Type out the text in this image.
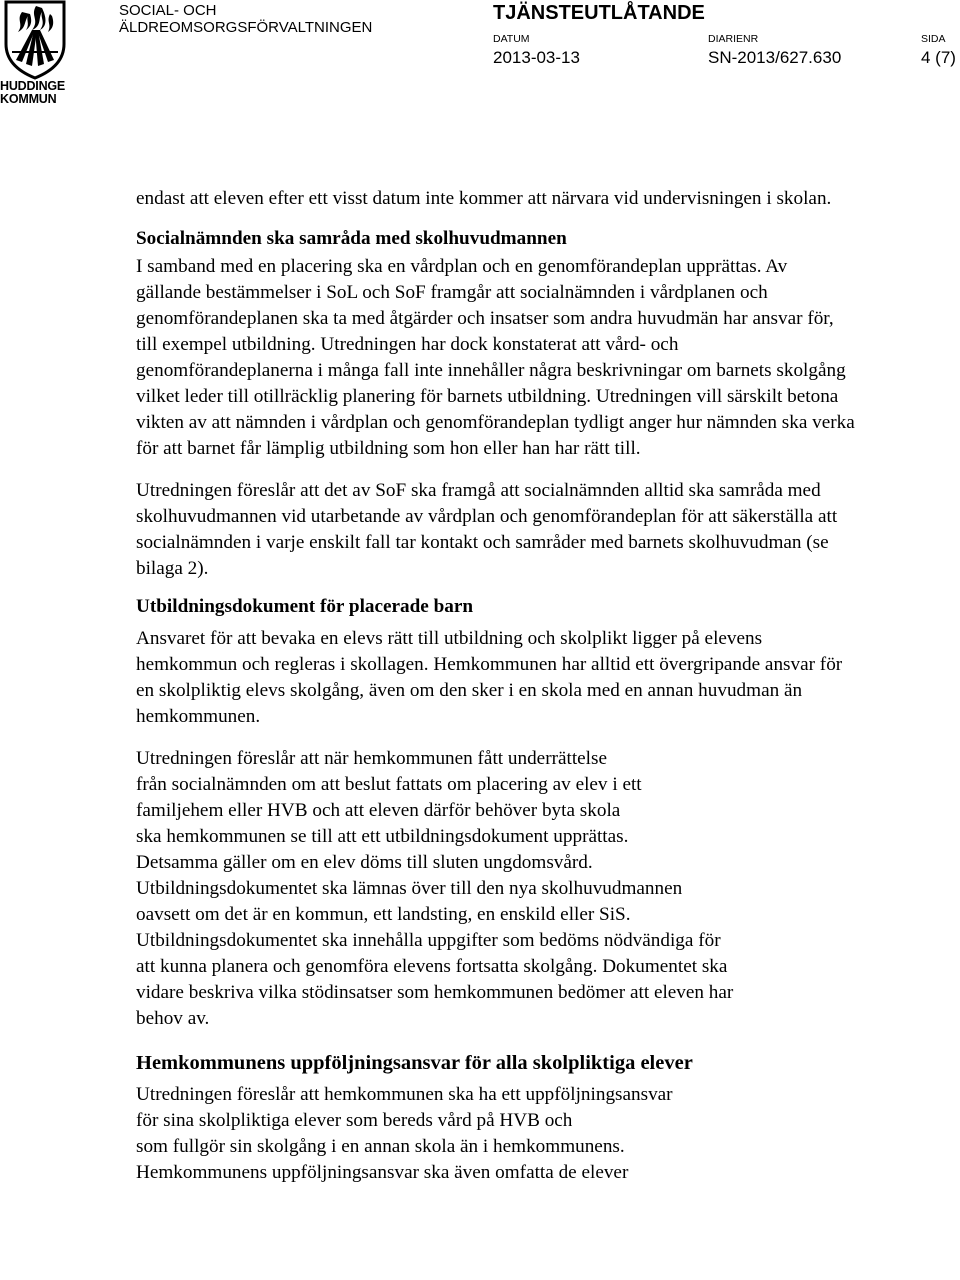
HUDDINGE
KOMMUN
SOCIAL- OCH
ÄLDREOMSORGSFÖRVALTNINGEN
TJÄNSTEUTLÅTANDE
DATUM
2013-03-13
DIARIENR
SN-2013/627.630
SIDA
4 (7)

endast att eleven efter ett visst datum inte kommer att närvara vid undervisningen i skolan.

Socialnämnden ska samråda med skolhuvudmannen

I samband med en placering ska en vårdplan och en genomförandeplan upprättas. Av gällande bestämmelser i SoL och SoF framgår att socialnämnden i vårdplanen och genomförandeplanen ska ta med åtgärder och insatser som andra huvudmän har ansvar för, till exempel utbildning. Utredningen har dock konstaterat att vård- och genomförandeplanerna i många fall inte innehåller några beskrivningar om barnets skolgång vilket leder till otillräcklig planering för barnets utbildning. Utredningen vill särskilt betona vikten av att nämnden i vårdplan och genomförandeplan tydligt anger hur nämnden ska verka för att barnet får lämplig utbildning som hon eller han har rätt till.

Utredningen föreslår att det av SoF ska framgå att socialnämnden alltid ska samråda med skolhuvudmannen vid utarbetande av vårdplan och genomförandeplan för att säkerställa att socialnämnden i varje enskilt fall tar kontakt och samråder med barnets skolhuvudman (se bilaga 2).

Utbildningsdokument för placerade barn

Ansvaret för att bevaka en elevs rätt till utbildning och skolplikt ligger på elevens hemkommun och regleras i skollagen. Hemkommunen har alltid ett övergripande ansvar för en skolpliktig elevs skolgång, även om den sker i en skola med en annan huvudman än hemkommunen.

Utredningen föreslår att när hemkommunen fått underrättelse
från socialnämnden om att beslut fattats om placering av elev i ett
familjehem eller HVB och att eleven därför behöver byta skola
ska hemkommunen se till att ett utbildningsdokument upprättas.
Detsamma gäller om en elev döms till sluten ungdomsvård.
Utbildningsdokumentet ska lämnas över till den nya skolhuvudmannen
oavsett om det är en kommun, ett landsting, en enskild eller SiS.
Utbildningsdokumentet ska innehålla uppgifter som bedöms nödvändiga för
att kunna planera och genomföra elevens fortsatta skolgång. Dokumentet ska
vidare beskriva vilka stödinsatser som hemkommunen bedömer att eleven har
behov av.
Hemkommunens uppföljningsansvar för alla skolpliktiga elever
Utredningen föreslår att hemkommunen ska ha ett uppföljningsansvar
för sina skolpliktiga elever som bereds vård på HVB och
som fullgör sin skolgång i en annan skola än i hemkommunens.
Hemkommunens uppföljningsansvar ska även omfatta de elever
